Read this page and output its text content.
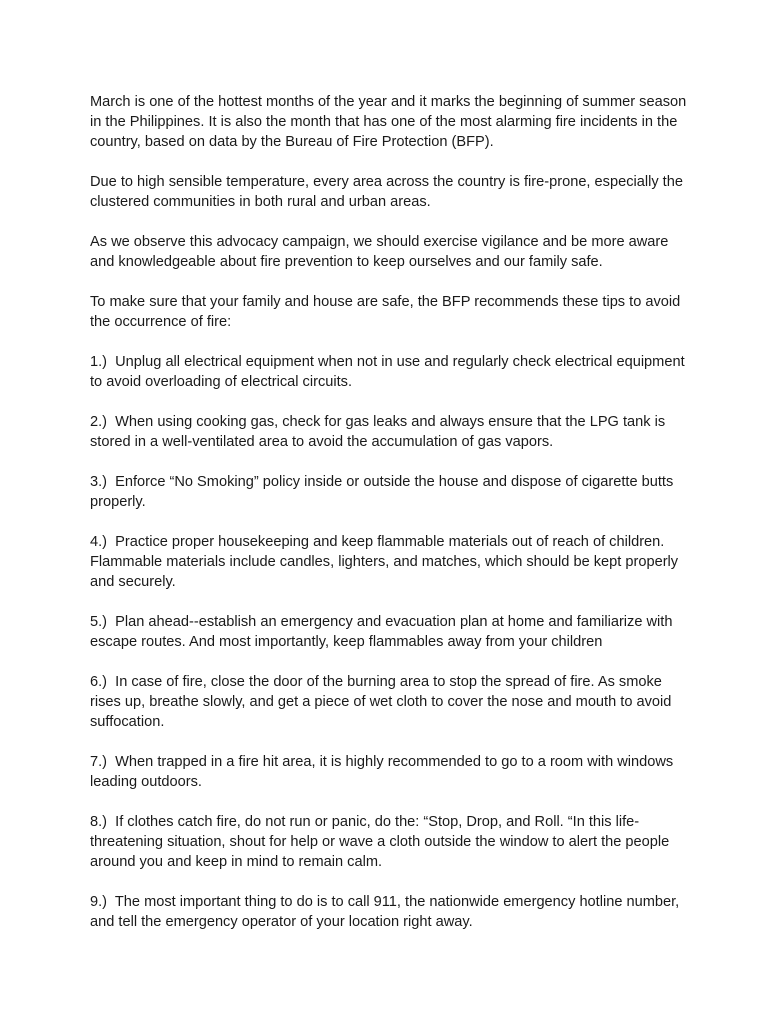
March is one of the hottest months of the year and it marks the beginning of summer season in the Philippines. It is also the month that has one of the most alarming fire incidents in the country, based on data by the Bureau of Fire Protection (BFP).

Due to high sensible temperature, every area across the country is fire-prone, especially the clustered communities in both rural and urban areas.

As we observe this advocacy campaign, we should exercise vigilance and be more aware and knowledgeable about fire prevention to keep ourselves and our family safe.

To make sure that your family and house are safe, the BFP recommends these tips to avoid the occurrence of fire:

1.) Unplug all electrical equipment when not in use and regularly check electrical equipment to avoid overloading of electrical circuits.

2.) When using cooking gas, check for gas leaks and always ensure that the LPG tank is stored in a well-ventilated area to avoid the accumulation of gas vapors.

3.) Enforce “No Smoking” policy inside or outside the house and dispose of cigarette butts properly.

4.) Practice proper housekeeping and keep flammable materials out of reach of children. Flammable materials include candles, lighters, and matches, which should be kept properly and securely.

5.) Plan ahead--establish an emergency and evacuation plan at home and familiarize with escape routes. And most importantly, keep flammables away from your children

6.)  In case of fire, close the door of the burning area to stop the spread of fire. As smoke rises up, breathe slowly, and get a piece of wet cloth to cover the nose and mouth to avoid suffocation.

7.) When trapped in a fire hit area, it is highly recommended to go to a room with windows leading outdoors.

8.) If clothes catch fire, do not run or panic, do the: “Stop, Drop, and Roll. “In this life-threatening situation, shout for help or wave a cloth outside the window to alert the people around you and keep in mind to remain calm.

9.) The most important thing to do is to call 911, the nationwide emergency hotline number, and tell the emergency operator of your location right away.
